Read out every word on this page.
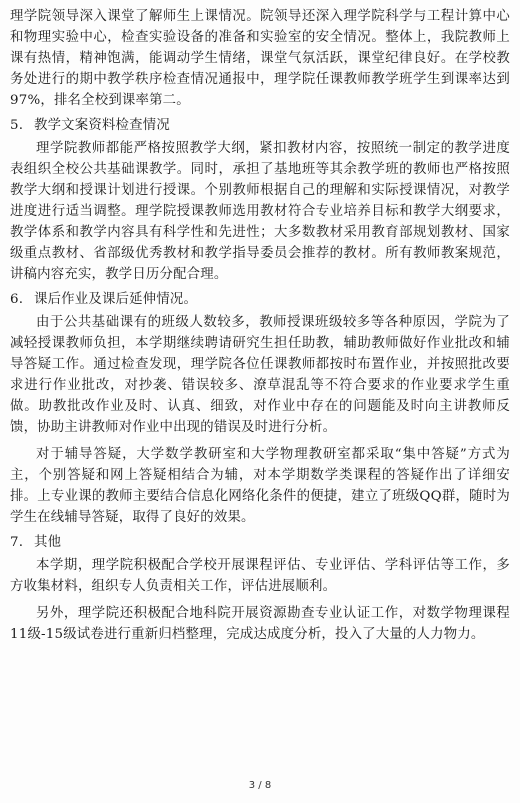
理学院领导深入课堂了解师生上课情况。院领导还深入理学院科学与工程计算中心和物理实验中心，检查实验设备的准备和实验室的安全情况。整体上，我院教师上课有热情，精神饱满，能调动学生情绪，课堂气氛活跃，课堂纪律良好。在学校教务处进行的期中教学秩序检查情况通报中，理学院任课教师教学班学生到课率达到97%，排名全校到课率第二。

5. 教学文案资料检查情况

理学院教师都能严格按照教学大纲，紧扣教材内容，按照统一制定的教学进度表组织全校公共基础课教学。同时，承担了基地班等其余教学班的教师也严格按照教学大纲和授课计划进行授课。个别教师根据自己的理解和实际授课情况，对教学进度进行适当调整。理学院授课教师选用教材符合专业培养目标和教学大纲要求，教学体系和教学内容具有科学性和先进性；大多数教材采用教育部规划教材、国家级重点教材、省部级优秀教材和教学指导委员会推荐的教材。所有教师教案规范，讲稿内容充实，教学日历分配合理。

6. 课后作业及课后延伸情况。

由于公共基础课有的班级人数较多，教师授课班级较多等各种原因，学院为了减轻授课教师负担，本学期继续聘请研究生担任助教，辅助教师做好作业批改和辅导答疑工作。通过检查发现，理学院各位任课教师都按时布置作业，并按照批改要求进行作业批改，对抄袭、错误较多、潦草混乱等不符合要求的作业要求学生重做。助教批改作业及时、认真、细致，对作业中存在的问题能及时向主讲教师反馈，协助主讲教师对作业中出现的错误及时进行分析。

对于辅导答疑，大学数学教研室和大学物理教研室都采取“集中答疑”方式为主，个别答疑和网上答疑相结合为辅，对本学期数学类课程的答疑作出了详细安排。上专业课的教师主要结合信息化网络化条件的便捷，建立了班级QQ群，随时为学生在线辅导答疑，取得了良好的效果。

7. 其他

本学期，理学院积极配合学校开展课程评估、专业评估、学科评估等工作，多方收集材料，组织专人负责相关工作，评估进展顺利。

另外，理学院还积极配合地科院开展资源勘查专业认证工作，对数学物理课程11级-15级试卷进行重新归档整理，完成达成度分析，投入了大量的人力物力。

3 / 8
